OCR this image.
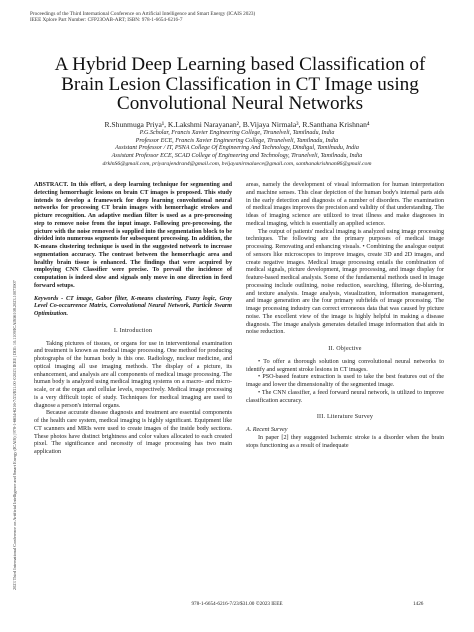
Proceedings of the Third International Conference on Artificial Intelligence and Smart Energy (ICAIS 2023)
IEEE Xplore Part Number: CFP23OAB-ART; ISBN: 978-1-6654-6216-7
2023 Third International Conference on Artificial Intelligence and Smart Energy (ICAIS) | 978-1-6654-6216-7/23/$31.00 ©2023 IEEE | DOI: 10.1109/ICAIS56108.2023.10073907
A Hybrid Deep Learning based Classification of Brain Lesion Classification in CT Image using Convolutional Neural Networks
R.Shunmuga Priya¹, K.Lakshmi Narayanan², B.Vijaya Nirmala³, R.Santhana Krishnan⁴
P.G.Scholar, Francis Xavier Engineering College, Tirunelveli, Tamilnadu, India
Professor ECE, Francis Xavier Engineering College, Tirunelveli, Tamilnadu, India
Assistant Professor / IT, PSNA College Of Engineering And Technology, Dindigul, Tamilnadu, India
Assistant Professor ECE, SCAD College of Engineering and Technology, Tirunelveli, Tamilnadu, India
drklnS6@gmail.com, priyarajendran4@gmail.com, bvijayanirmalaece@gmail.com, santhanakrishnan86@gmail.com

ABSTRACT. In this effort, a deep learning technique for segmenting and detecting hemorrhagic lesions on brain CT images is proposed. This study intends to develop a framework for deep learning convolutional neural networks for processing CT brain images with hemorrhagic strokes and picture recognition. An adaptive median filter is used as a pre-processing step to remove noise from the input image. Following pre-processing, the picture with the noise removed is supplied into the segmentation block to be divided into numerous segments for subsequent processing. In addition, the K-means clustering technique is used in the suggested network to increase segmentation accuracy. The contrast between the hemorrhagic area and healthy brain tissue is enhanced. The findings that were acquired by employing CNN Classifier were precise. To prevail the incidence of computation is indeed slow and signals only move in one direction in feed forward setups.

Keywords - CT image, Gabor filter, K-means clustering, Fuzzy logic, Gray Level Co-occurrence Matrix, Convolutional Neural Network, Particle Swarm Optimization.

I. Introduction

Taking pictures of tissues, or organs for use in interventional examination and treatment is known as medical image processing. One method for producing photographs of the human body is this one. Radiology, nuclear medicine, and optical imaging all use imaging methods. The display of a picture, its enhancement, and analysis are all components of medical image processing. The human body is analyzed using medical imaging systems on a macro- and micro-scale, or at the organ and cellular levels, respectively. Medical image processing is a very difficult topic of study. Techniques for medical imaging are used to diagnose a person's internal organs.

Because accurate disease diagnosis and treatment are essential components of the health care system, medical imaging is highly significant. Equipment like CT scanners and MRIs were used to create images of the inside body sections. These photos have distinct brightness and color values allocated to each created pixel. The significance and necessity of image processing has two main application

areas, namely the development of visual information for human interpretation and machine senses. This clear depiction of the human body's internal parts aids in the early detection and diagnosis of a number of disorders. The examination of medical images improves the precision and validity of that understanding. The ideas of imaging science are utilized to treat illness and make diagnoses in medical imaging, which is essentially an applied science.

The output of patients' medical imaging is analyzed using image processing techniques. The following are the primary purposes of medical image processing. Renovating and enhancing visuals. • Combining the analogue output of sensors like microscopes to improve images, create 3D and 2D images, and create negative images. Medical image processing entails the combination of medical signals, picture development, image processing, and image display for feature-based medical analysis. Some of the fundamental methods used in image processing include outlining, noise reduction, searching, filtering, de-blurring, and texture analysis. Image analysis, visualization, information management, and image generation are the four primary subfields of image processing. The image processing industry can correct erroneous data that was caused by picture noise. The excellent view of the image is highly helpful in making a disease diagnosis. The image analysis generates detailed image information that aids in noise reduction.

II. Objective

• To offer a thorough solution using convolutional neural networks to identify and segment stroke lesions in CT images.

• PSO-based feature extraction is used to take the best features out of the image and lower the dimensionality of the segmented image.

• The CNN classifier, a feed forward neural network, is utilized to improve classification accuracy.

III. Literature Survey

A. Recent Survey

In paper [2] they suggested Ischemic stroke is a disorder when the brain stops functioning as a result of inadequate

978-1-6654-6216-7/23/$31.00 ©2023 IEEE	1426
